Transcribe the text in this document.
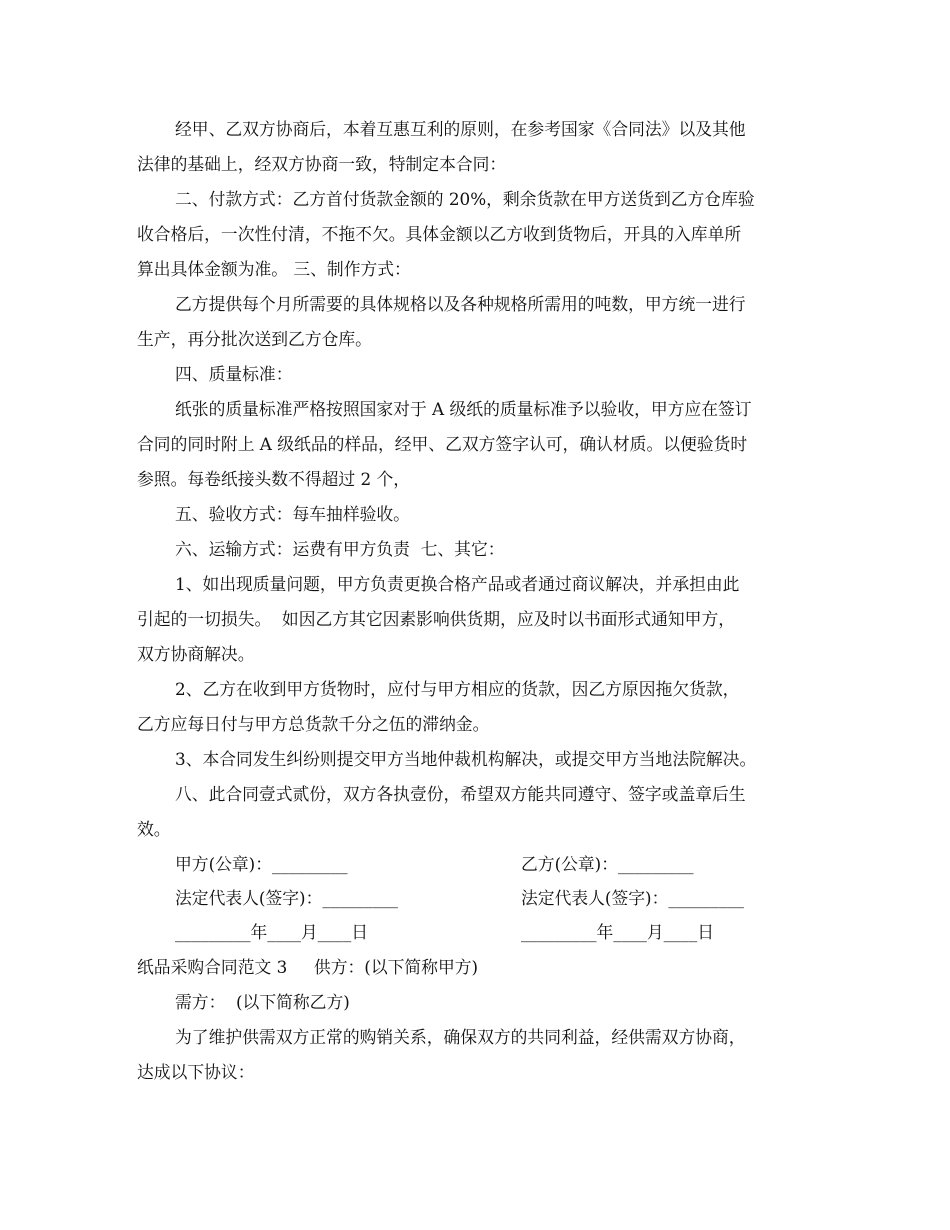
经甲、乙双方协商后，本着互惠互利的原则，在参考国家《合同法》以及其他
法律的基础上，经双方协商一致，特制定本合同：
二、付款方式：乙方首付货款金额的 20%，剩余货款在甲方送货到乙方仓库验
收合格后，一次性付清，不拖不欠。具体金额以乙方收到货物后，开具的入库单所
算出具体金额为准。 三、制作方式：
乙方提供每个月所需要的具体规格以及各种规格所需用的吨数，甲方统一进行
生产，再分批次送到乙方仓库。
四、质量标准：
纸张的质量标准严格按照国家对于 A 级纸的质量标准予以验收，甲方应在签订
合同的同时附上 A 级纸品的样品，经甲、乙双方签字认可，确认材质。以便验货时
参照。每卷纸接头数不得超过 2 个，
五、验收方式：每车抽样验收。
六、运输方式：运费有甲方负责  七、其它：
1、如出现质量问题，甲方负责更换合格产品或者通过商议解决，并承担由此
引起的一切损失。  如因乙方其它因素影响供货期，应及时以书面形式通知甲方，
双方协商解决。
2、乙方在收到甲方货物时，应付与甲方相应的货款，因乙方原因拖欠货款，
乙方应每日付与甲方总货款千分之伍的滞纳金。
3、本合同发生纠纷则提交甲方当地仲裁机构解决，或提交甲方当地法院解决。
八、此合同壹式贰份，双方各执壹份，希望双方能共同遵守、签字或盖章后生
效。
甲方(公章)：_________	乙方(公章)：_________
法定代表人(签字)：_________	法定代表人(签字)：_________
_________年____月____日	_________年____月____日
纸品采购合同范文 3     供方：(以下简称甲方)
需方：  (以下简称乙方)
为了维护供需双方正常的购销关系，确保双方的共同利益，经供需双方协商，
达成以下协议：
